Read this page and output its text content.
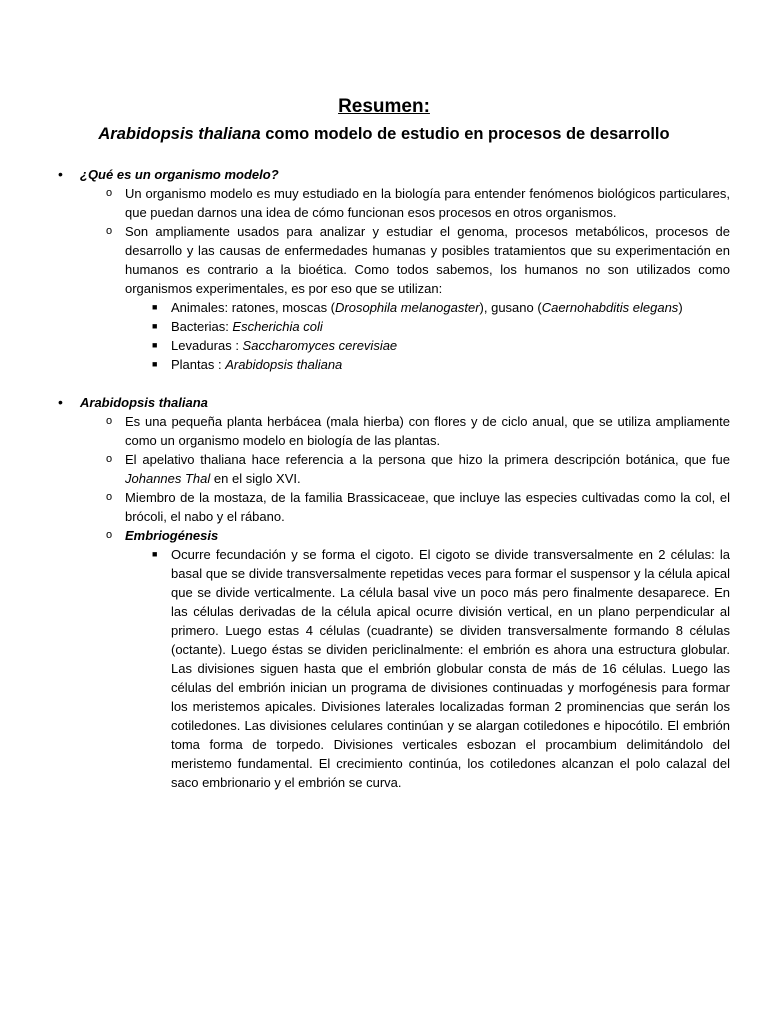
Resumen:
Arabidopsis thaliana como modelo de estudio en procesos de desarrollo
•
¿Qué es un organismo modelo?
o Un organismo modelo es muy estudiado en la biología para entender fenómenos biológicos particulares, que puedan darnos una idea de cómo funcionan esos procesos en otros organismos.
o Son ampliamente usados para analizar y estudiar el genoma, procesos metabólicos, procesos de desarrollo y las causas de enfermedades humanas y posibles tratamientos que su experimentación en humanos es contrario a la bioética. Como todos sabemos, los humanos no son utilizados como organismos experimentales, es por eso que se utilizan:
■ Animales: ratones, moscas (Drosophila melanogaster), gusano (Caernohabditis elegans)
■ Bacterias: Escherichia coli
■ Levaduras : Saccharomyces cerevisiae
■ Plantas : Arabidopsis thaliana
•
Arabidopsis thaliana
o Es una pequeña planta herbácea (mala hierba) con flores y de ciclo anual, que se utiliza ampliamente como un organismo modelo en biología de las plantas.
o El apelativo thaliana hace referencia a la persona que hizo la primera descripción botánica, que fue Johannes Thal en el siglo XVI.
o Miembro de la mostaza, de la familia Brassicaceae, que incluye las especies cultivadas como la col, el brócoli, el nabo y el rábano.
o Embriogénesis
■ Ocurre fecundación y se forma el cigoto. El cigoto se divide transversalmente en 2 células: la basal que se divide transversalmente repetidas veces para formar el suspensor y la célula apical que se divide verticalmente. La célula basal vive un poco más pero finalmente desaparece. En las células derivadas de la célula apical ocurre división vertical, en un plano perpendicular al primero. Luego estas 4 células (cuadrante) se dividen transversalmente formando 8 células (octante). Luego éstas se dividen periclinalmente: el embrión es ahora una estructura globular. Las divisiones siguen hasta que el embrión globular consta de más de 16 células. Luego las células del embrión inician un programa de divisiones continuadas y morfogénesis para formar los meristemos apicales. Divisiones laterales localizadas forman 2 prominencias que serán los cotiledones. Las divisiones celulares continúan y se alargan cotiledones e hipocótilo. El embrión toma forma de torpedo. Divisiones verticales esbozan el procambium delimitándolo del meristemo fundamental. El crecimiento continúa, los cotiledones alcanzan el polo calazal del saco embrionario y el embrión se curva.
